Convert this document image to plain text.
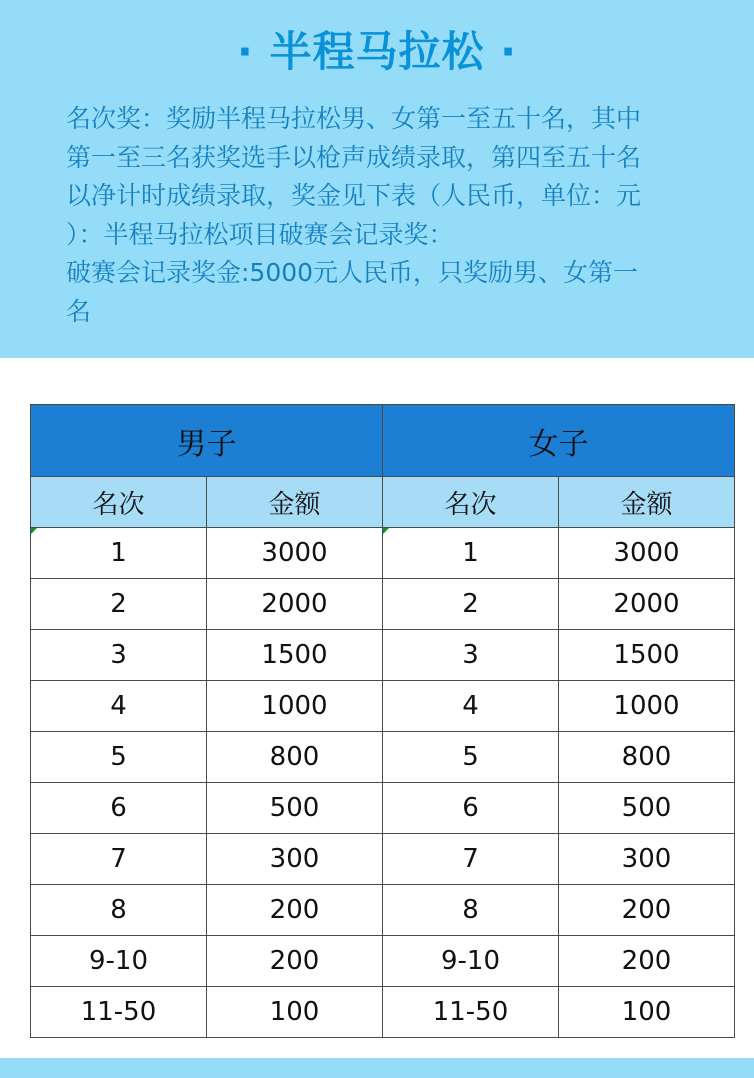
· 半程马拉松 ·

名次奖：奖励半程马拉松男、女第一至五十名，其中

第一至三名获奖选手以枪声成绩录取，第四至五十名

以净计时成绩录取，奖金见下表（人民币，单位：元

）：半程马拉松项目破赛会记录奖：

破赛会记录奖金:5000元人民币，只奖励男、女第一

名

男子		女子	
名次	金额	名次	金额
1	3000	1	3000
2	2000	2	2000
3	1500	3	1500
4	1000	4	1000
5	800	5	800
6	500	6	500
7	300	7	300
8	200	8	200
9-10	200	9-10	200
11-50	100	11-50	100
